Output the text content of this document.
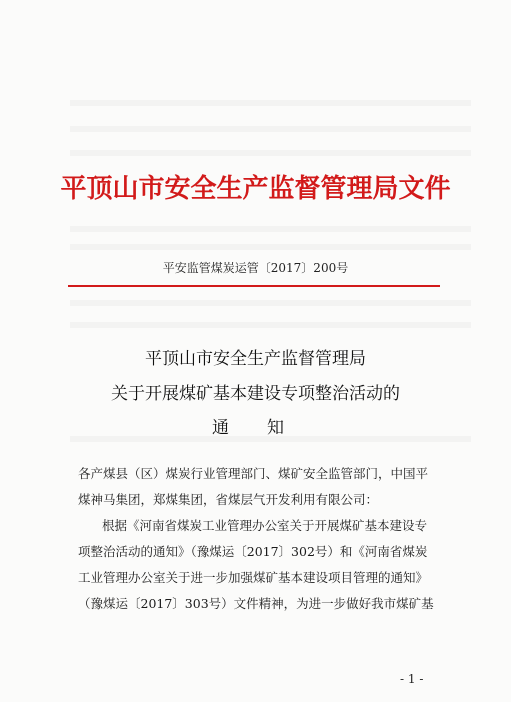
平顶山市安全生产监督管理局文件
平安监管煤炭运管〔2017〕200号
平顶山市安全生产监督管理局
关于开展煤矿基本建设专项整治活动的
通 知
各产煤县（区）煤炭行业管理部门、煤矿安全监管部门，中国平
煤神马集团，郑煤集团，省煤层气开发利用有限公司：
根据《河南省煤炭工业管理办公室关于开展煤矿基本建设专
项整治活动的通知》（豫煤运〔2017〕302号）和《河南省煤炭
工业管理办公室关于进一步加强煤矿基本建设项目管理的通知》
（豫煤运〔2017〕303号）文件精神，为进一步做好我市煤矿基
- 1 -
